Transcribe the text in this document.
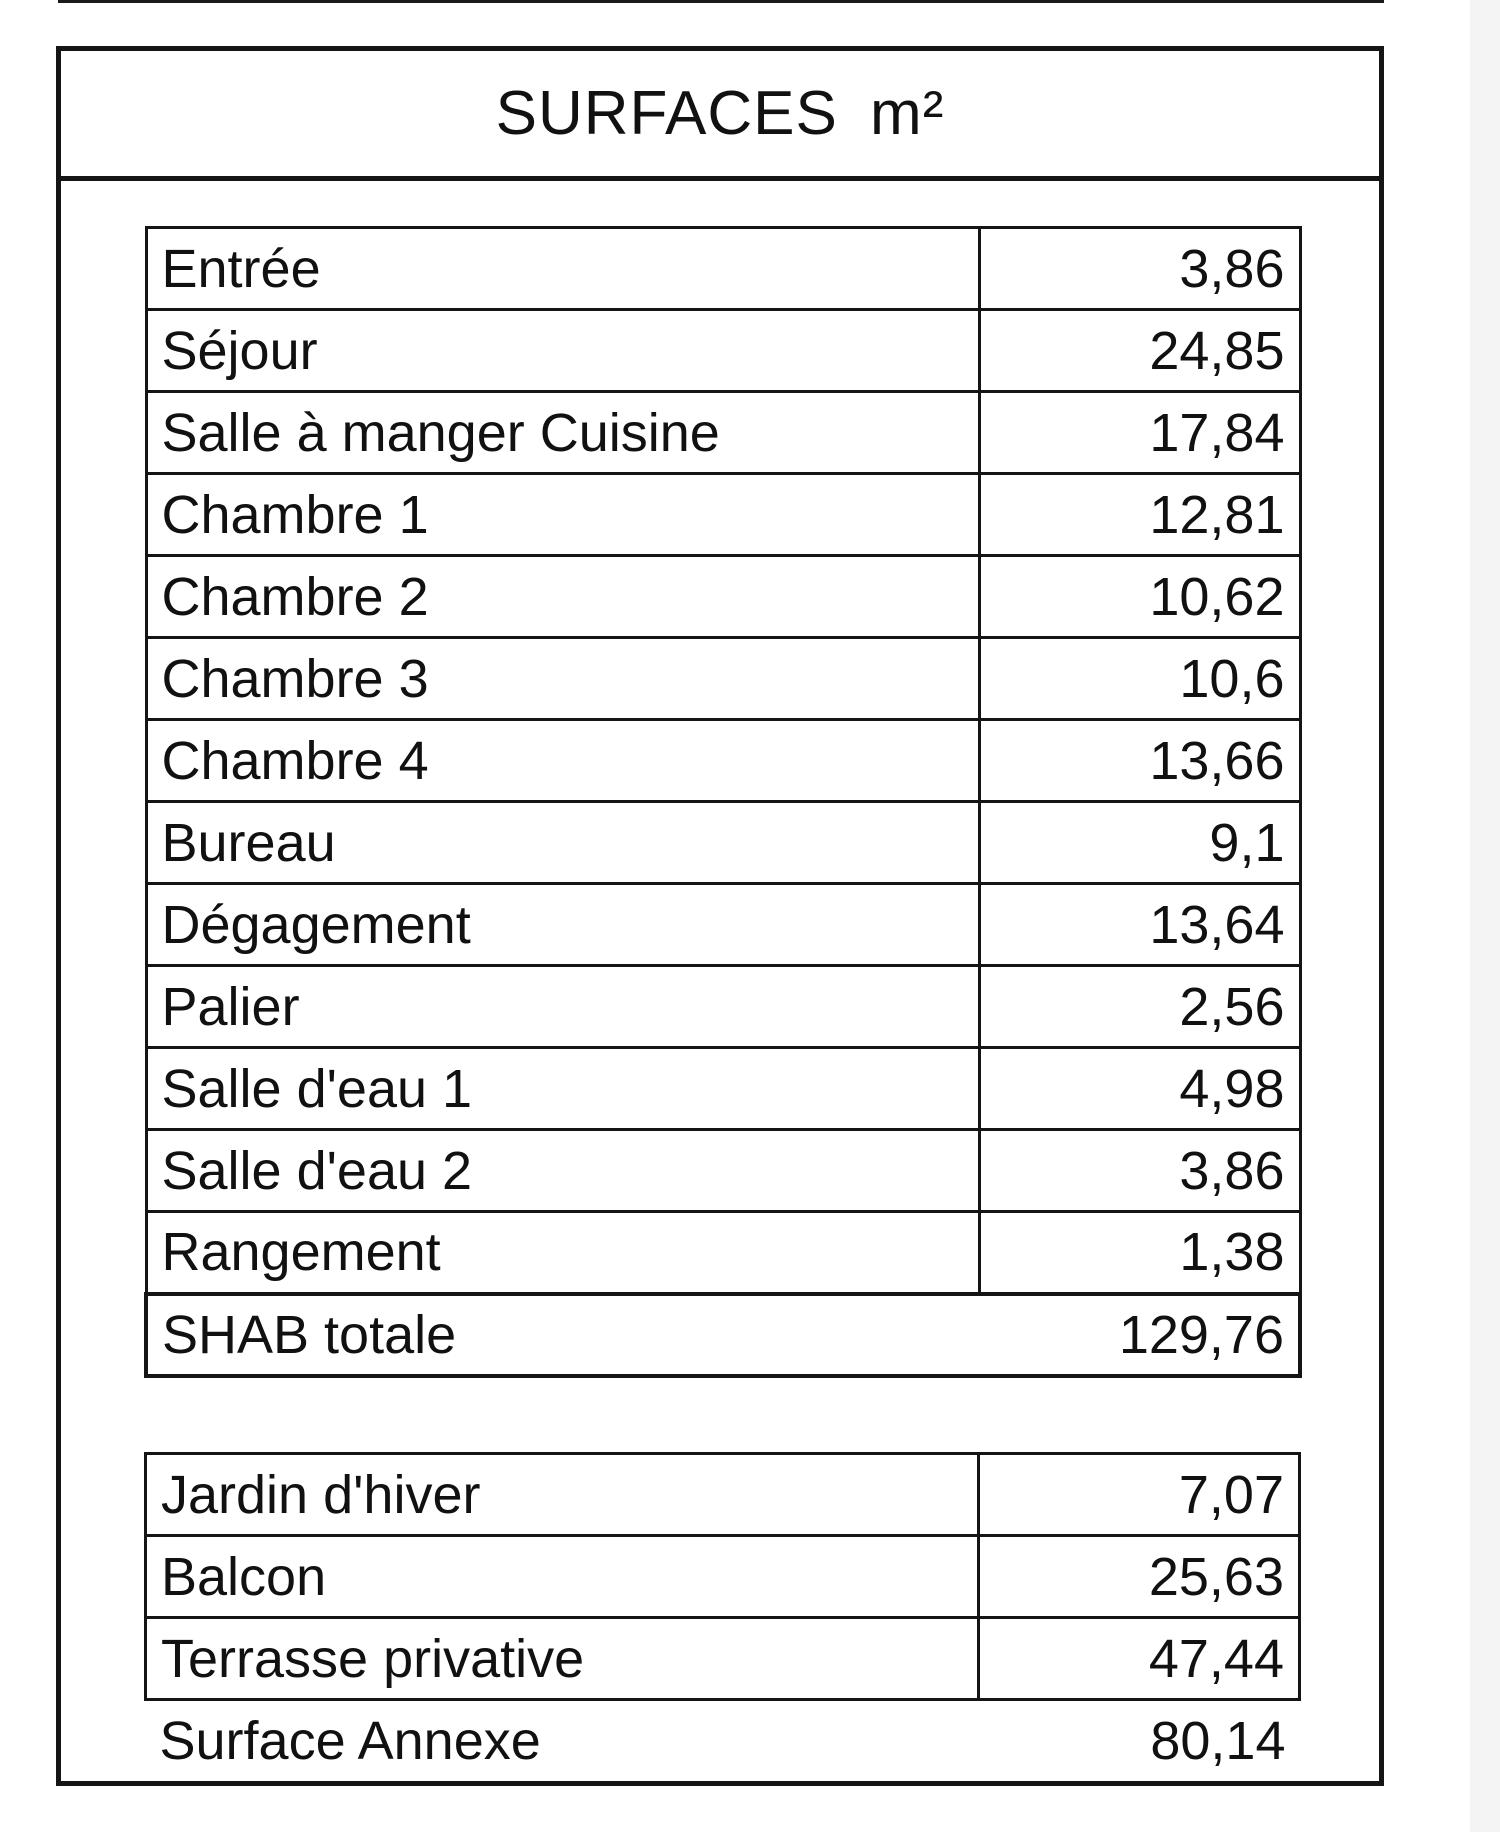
SURFACES m²
Entrée	3,86
Séjour	24,85
Salle à manger Cuisine	17,84
Chambre 1	12,81
Chambre 2	10,62
Chambre 3	10,6
Chambre 4	13,66
Bureau	9,1
Dégagement	13,64
Palier	2,56
Salle d'eau 1	4,98
Salle d'eau 2	3,86
Rangement	1,38
SHAB totale	129,76
Jardin d'hiver	7,07
Balcon	25,63
Terrasse privative	47,44
Surface Annexe	80,14
